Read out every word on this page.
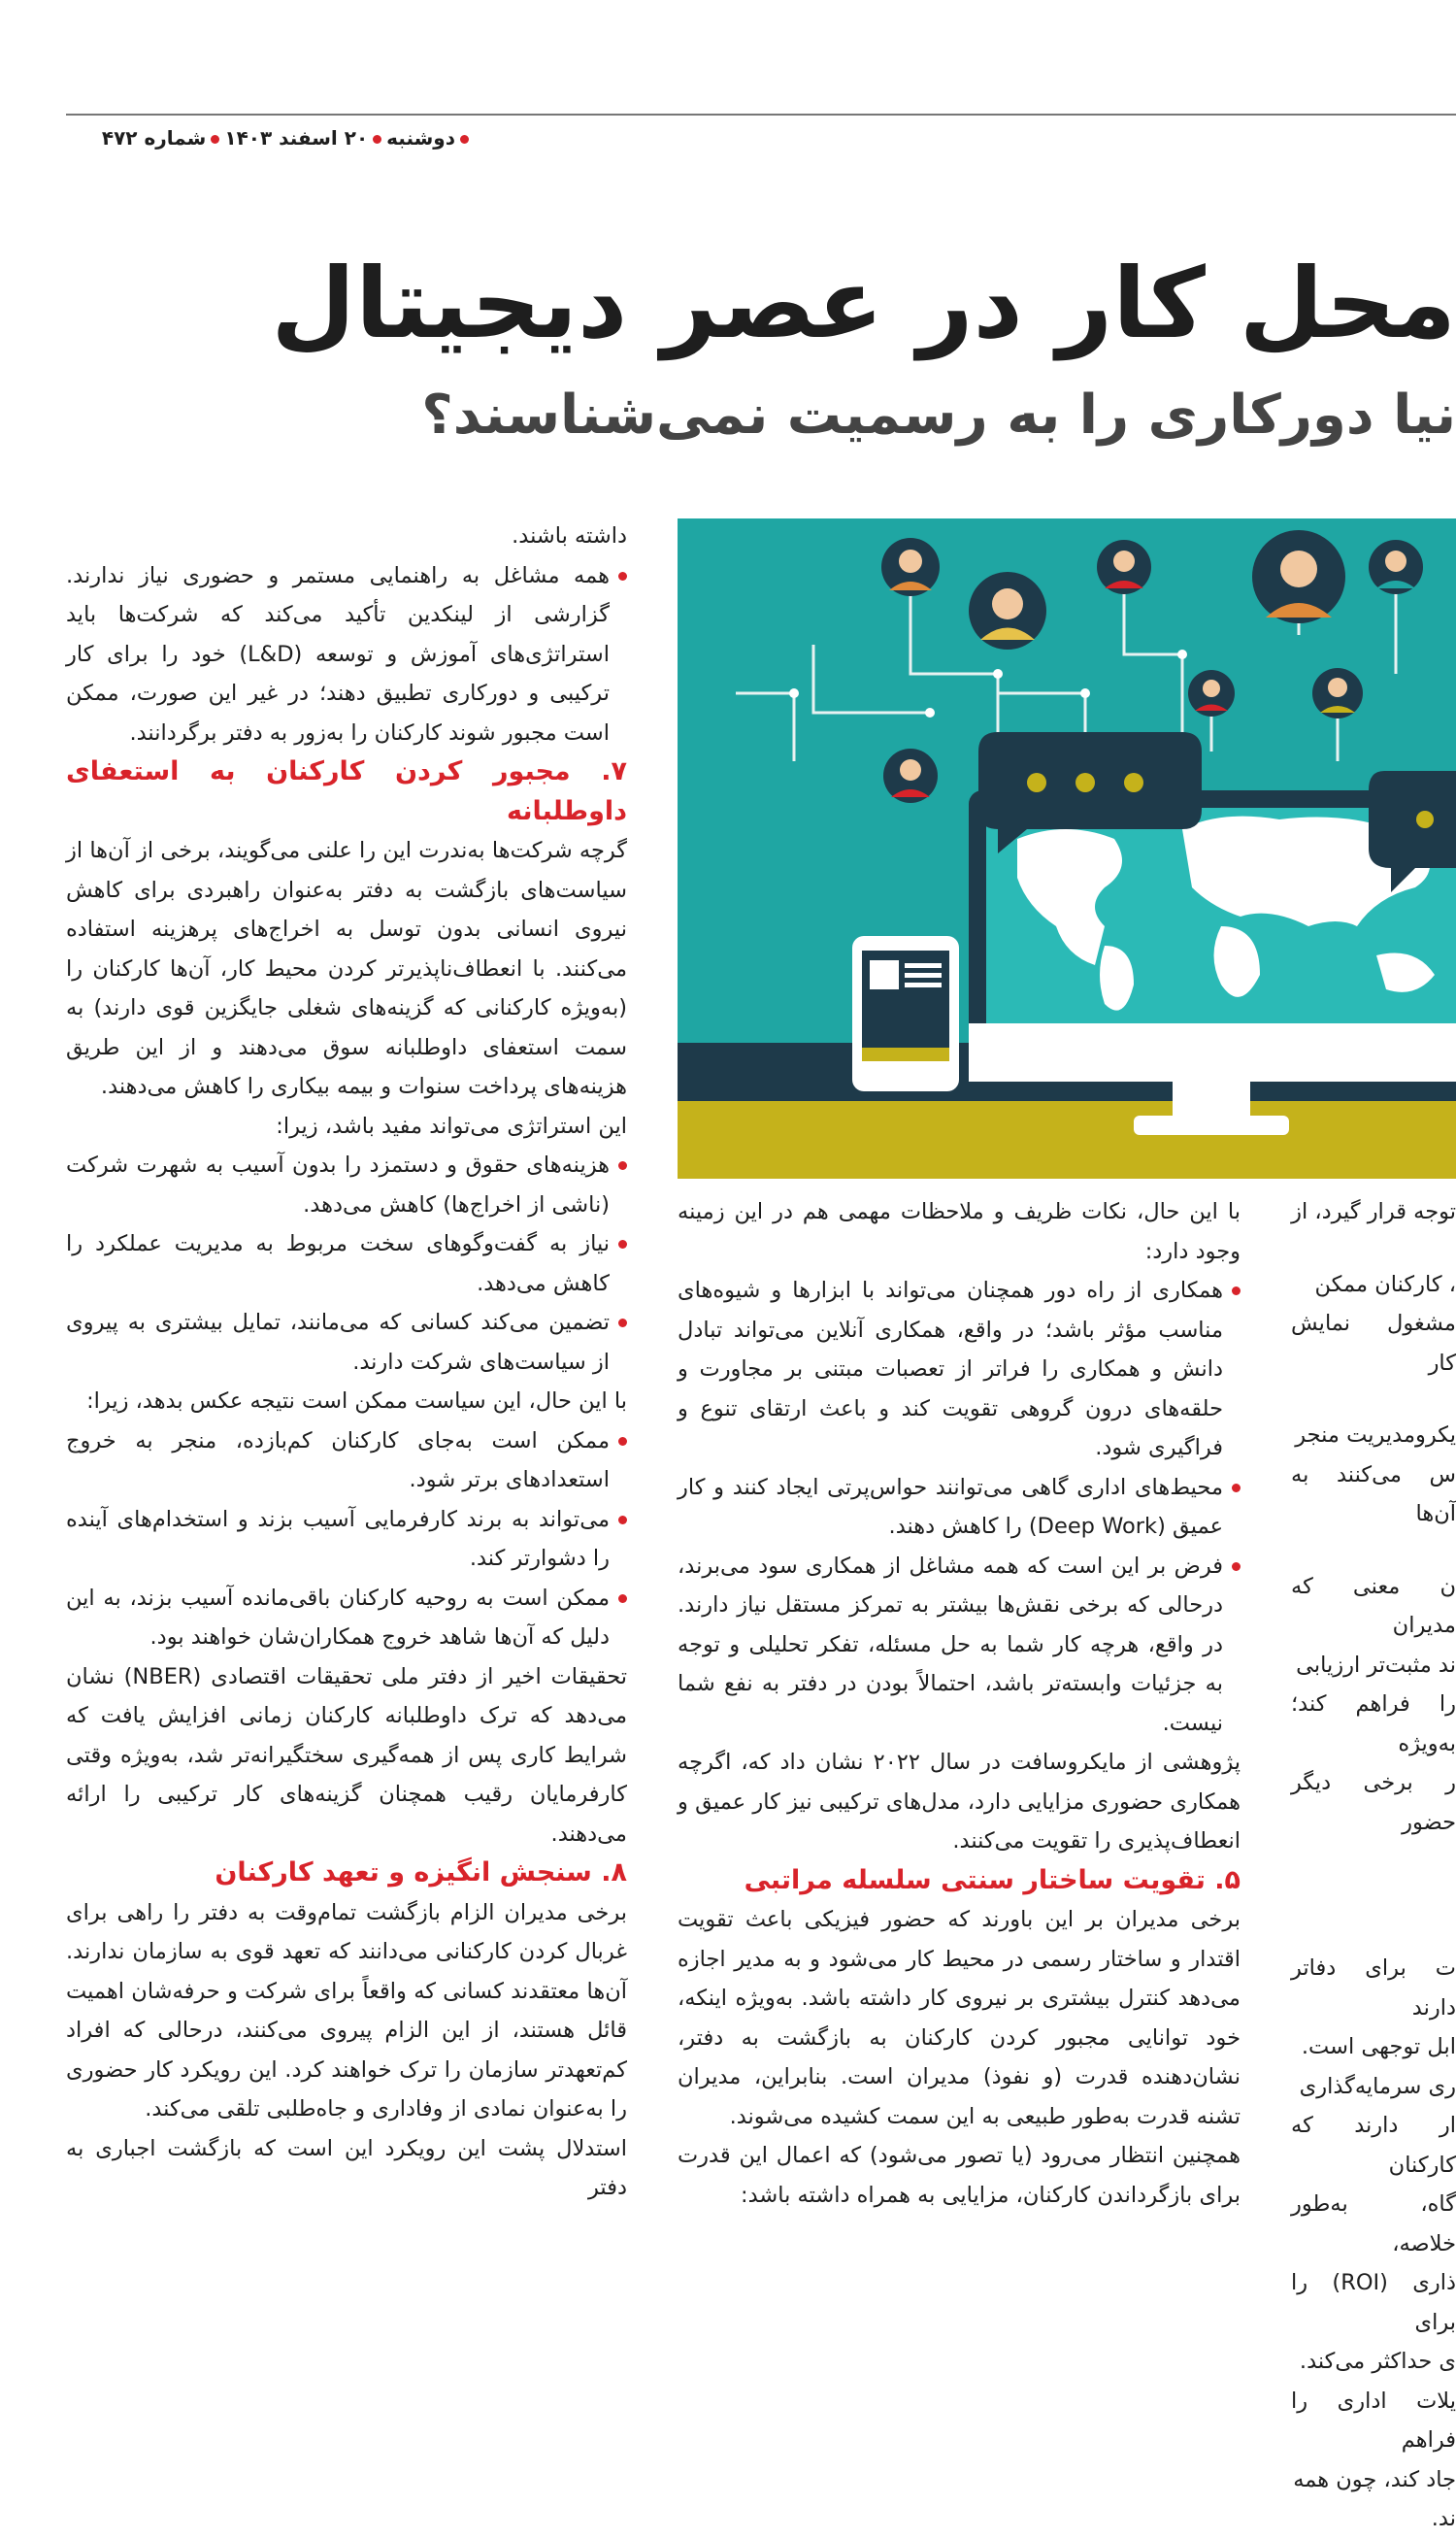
دوشنبه۲۰ اسفند ۱۴۰۳شماره ۴۷۲
محل کار در عصر دیجیتال
نیا دورکاری را به رسمیت نمی‌شناسند؟

داشته باشند.

همه مشاغل به راهنمایی مستمر و حضوری نیاز ندارند. گزارشی از لینکدین تأکید می‌کند که شرکت‌ها باید استراتژی‌های آموزش و توسعه (L&D) خود را برای کار ترکیبی و دورکاری تطبیق دهند؛ در غیر این صورت، ممکن است مجبور شوند کارکنان را به‌زور به دفتر برگردانند.

۷. مجبور کردن کارکنان به استعفای داوطلبانه

گرچه شرکت‌ها به‌ندرت این را علنی می‌گویند، برخی از آن‌ها از سیاست‌های بازگشت به دفتر به‌عنوان راهبردی برای کاهش نیروی انسانی بدون توسل به اخراج‌های پرهزینه استفاده می‌کنند. با انعطاف‌ناپذیرتر کردن محیط کار، آن‌ها کارکنان را (به‌ویژه کارکنانی که گزینه‌های شغلی جایگزین قوی دارند) به سمت استعفای داوطلبانه سوق می‌دهند و از این طریق هزینه‌های پرداخت سنوات و بیمه بیکاری را کاهش می‌دهند.

این استراتژی می‌تواند مفید باشد، زیرا:

هزینه‌های حقوق و دستمزد را بدون آسیب به شهرت شرکت (ناشی از اخراج‌ها) کاهش می‌دهد.

نیاز به گفت‌وگوهای سخت مربوط به مدیریت عملکرد را کاهش می‌دهد.

تضمین می‌کند کسانی که می‌مانند، تمایل بیشتری به پیروی از سیاست‌های شرکت دارند.

با این حال، این سیاست ممکن است نتیجه عکس بدهد، زیرا:

ممکن است به‌جای کارکنان کم‌بازده، منجر به خروج استعدادهای برتر شود.

می‌تواند به برند کارفرمایی آسیب بزند و استخدام‌های آینده را دشوارتر کند.

ممکن است به روحیه کارکنان باقی‌مانده آسیب بزند، به این دلیل که آن‌ها شاهد خروج همکاران‌شان خواهند بود.

تحقیقات اخیر از دفتر ملی تحقیقات اقتصادی (NBER) نشان می‌دهد که ترک داوطلبانه کارکنان زمانی افزایش یافت که شرایط کاری پس از همه‌گیری سختگیرانه‌تر شد، به‌ویژه وقتی کارفرمایان رقیب همچنان گزینه‌های کار ترکیبی را ارائه می‌دهند.

۸. سنجش انگیزه و تعهد کارکنان

برخی مدیران الزام بازگشت تمام‌وقت به دفتر را راهی برای غربال کردن کارکنانی می‌دانند که تعهد قوی به سازمان ندارند. آن‌ها معتقدند کسانی که واقعاً برای شرکت و حرفه‌شان اهمیت قائل هستند، از این الزام پیروی می‌کنند، درحالی که افراد کم‌تعهدتر سازمان را ترک خواهند کرد. این رویکرد کار حضوری را به‌عنوان نمادی از وفاداری و جاه‌طلبی تلقی می‌کند.

استدلال پشت این رویکرد این است که بازگشت اجباری به دفتر

با این حال، نکات ظریف و ملاحظات مهمی هم در این زمینه وجود دارد:

همکاری از راه دور همچنان می‌تواند با ابزارها و شیوه‌های مناسب مؤثر باشد؛ در واقع، همکاری آنلاین می‌تواند تبادل دانش و همکاری را فراتر از تعصبات مبتنی بر مجاورت و حلقه‌های درون گروهی تقویت کند و باعث ارتقای تنوع و فراگیری شود.

محیط‌های اداری گاهی می‌توانند حواس‌پرتی ایجاد کنند و کار عمیق (Deep Work) را کاهش دهند.

فرض بر این است که همه مشاغل از همکاری سود می‌برند، درحالی که برخی نقش‌ها بیشتر به تمرکز مستقل نیاز دارند. در واقع، هرچه کار شما به حل مسئله، تفکر تحلیلی و توجه به جزئیات وابسته‌تر باشد، احتمالاً بودن در دفتر به نفع شما نیست.

پژوهشی از مایکروسافت در سال ۲۰۲۲ نشان داد که، اگرچه همکاری حضوری مزایایی دارد، مدل‌های ترکیبی نیز کار عمیق و انعطاف‌پذیری را تقویت می‌کنند.

۵. تقویت ساختار سنتی سلسله مراتبی

برخی مدیران بر این باورند که حضور فیزیکی باعث تقویت اقتدار و ساختار رسمی در محیط کار می‌شود و به مدیر اجازه می‌دهد کنترل بیشتری بر نیروی کار داشته باشد. به‌ویژه اینکه، خود توانایی مجبور کردن کارکنان به بازگشت به دفتر، نشان‌دهنده قدرت (و نفوذ) مدیران است. بنابراین، مدیران تشنه قدرت به‌طور طبیعی به این سمت کشیده می‌شوند.

همچنین انتظار می‌رود (یا تصور می‌شود) که اعمال این قدرت برای بازگرداندن کارکنان، مزایایی به همراه داشته باشد:

توجه قرار گیرد، از

، کارکنان ممکن

مشغول نمایش کار

یکرومدیریت منجر

س می‌کنند به آن‌ها

ن معنی که مدیران

ند مثبت‌تر ارزیابی

را فراهم کند؛ به‌ویژه

ر برخی دیگر حضور

ت برای دفاتر دارند

ابل توجهی است.

ری سرمایه‌گذاری

ار دارند که کارکنان

گاه، به‌طور خلاصه،

ذاری (ROI) را برای

ی حداکثر می‌کند.

یلات اداری را فراهم

جاد کند، چون همه

ند.
